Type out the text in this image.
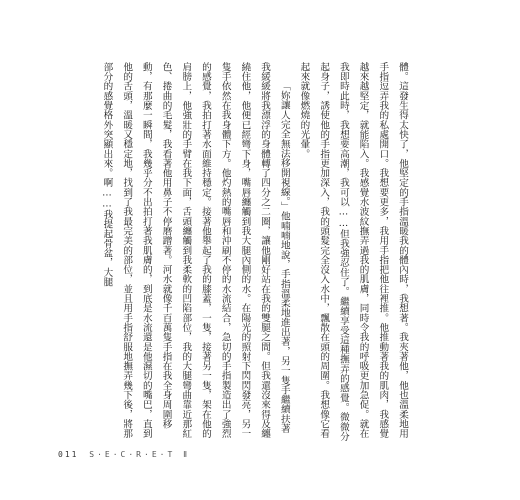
體。這發生得太快了，他堅定的手指溫暖我的體內時，我想著。我夾著他，他也溫柔地用手指逗弄我的私處開口。我想要更多，我用手指把他往裡推。他推動著我的肌肉，我感覺越來越堅定，就能陷入。我感覺水波紋撫弄過我的肌膚，同時令我的呼吸更加急促。就在我即時此時，我想要高潮，我可以……但我強忍住了。繼續享受這種撫弄的感覺。微微分起身子，誘使他的手指更加深入，我的頭髮完全沒入水中，飄散在頭的周圍。我想像它看起來就像燃燒的光暈。

「妳讓人完全無法移開視線。」他喃喃地說，手指溫柔地進出著，另一隻手繼續扶著我緩緩將我漂浮的身體轉了四分之二圈，讓他剛好站在我的雙腿之間。但我還沒來得及纏繞住他，他便已經彎下身，嘴唇纏觸到我大腿內側的水。在陽光的照射下閃閃發亮，另一隻手依然在我身體下方。他灼熱的嘴唇和沖刷不停的水流結合，急切的手指製造出了強烈的感覺，我拍打著水面維持穩定。接著他舉起了我的膝蓋，一隻，接著另一隻，架在他的肩膀上，他強壯的手臂在我下面，舌頭纏觸到我柔軟的凹陷部位，我的大腿彎曲靠近那紅色、捲曲的毛髮，我看著他用鼻子不停磨蹭著。河水就像千百萬隻手指在我全身周圍移動，有那麼一瞬間，我幾乎分不出拍打著我肌膚的，到底是水流還是他濕切的嘴巴，直到他的舌頭，溫暖又穩定地，找到了我最完美的部位，並且用手指舒服地撫弄幾下後，將那部分的感覺格外突顯出來。啊……我提起骨盆，大腿

011 S·E·C·R·E·T Ⅱ
